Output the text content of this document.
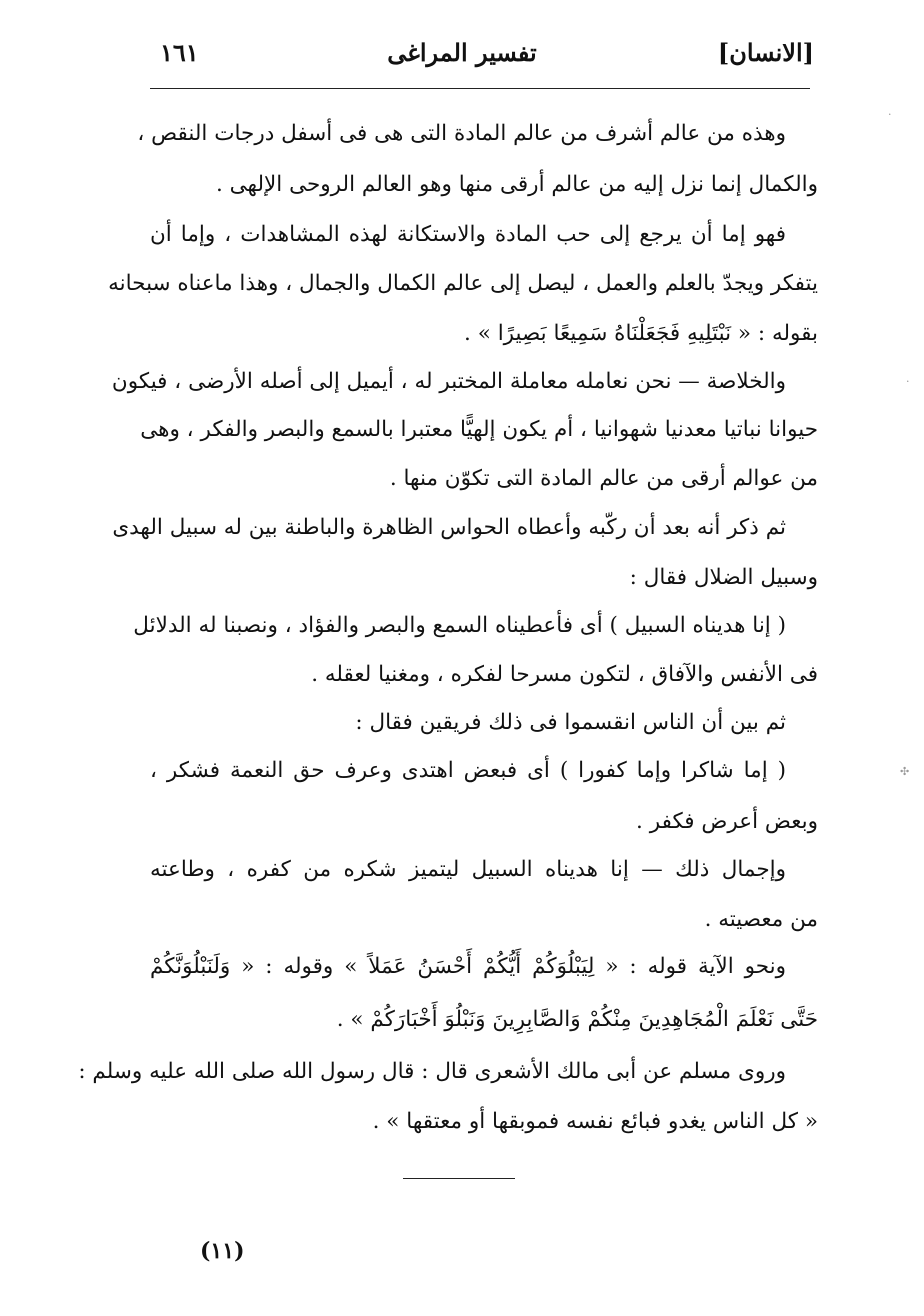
١٦١	تفسير المراغى	[الانسان]
وهذه من عالم أشرف من عالم المادة التى هى فى أسفل درجات النقص ،
والكمال إنما نزل إليه من عالم أرقى منها وهو العالم الروحى الإلهى .
فهو إما أن يرجع إلى حب المادة والاستكانة لهذه المشاهدات ، وإما أن
يتفكر ويجدّ بالعلم والعمل ، ليصل إلى عالم الكمال والجمال ، وهذا ماعناه سبحانه
بقوله : « نَبْتَلِيهِ فَجَعَلْنَاهُ سَمِيعًا بَصِيرًا » .
والخلاصة — نحن نعامله معاملة المختبر له ، أيميل إلى أصله الأرضى ، فيكون
حيوانا نباتيا معدنيا شهوانيا ، أم يكون إلهيًّا معتبرا بالسمع والبصر والفكر ، وهى
من عوالم أرقى من عالم المادة التى تكوّن منها .
ثم ذكر أنه بعد أن ركّبه وأعطاه الحواس الظاهرة والباطنة بين له سبيل الهدى
وسبيل الضلال فقال :
( إنا هديناه السبيل ) أى فأعطيناه السمع والبصر والفؤاد ، ونصبنا له الدلائل
فى الأنفس والآفاق ، لتكون مسرحا لفكره ، ومغنيا لعقله .
ثم بين أن الناس انقسموا فى ذلك فريقين فقال :
( إما شاكرا وإما كفورا ) أى فبعض اهتدى وعرف حق النعمة فشكر ،
وبعض أعرض فكفر .
وإجمال ذلك — إنا هديناه السبيل ليتميز شكره من كفره ، وطاعته
من معصيته .
ونحو الآية قوله : « لِيَبْلُوَكُمْ أَيُّكُمْ أَحْسَنُ عَمَلاً » وقوله : « وَلَنَبْلُوَنَّكُمْ
حَتَّى نَعْلَمَ الْمُجَاهِدِينَ مِنْكُمْ وَالصَّابِرِينَ وَنَبْلُوَ أَخْبَارَكُمْ » .
وروى مسلم عن أبى مالك الأشعرى قال : قال رسول الله صلى الله عليه وسلم :
« كل الناس يغدو فبائع نفسه فموبقها أو معتقها » .
(١١)
·
·
✣
